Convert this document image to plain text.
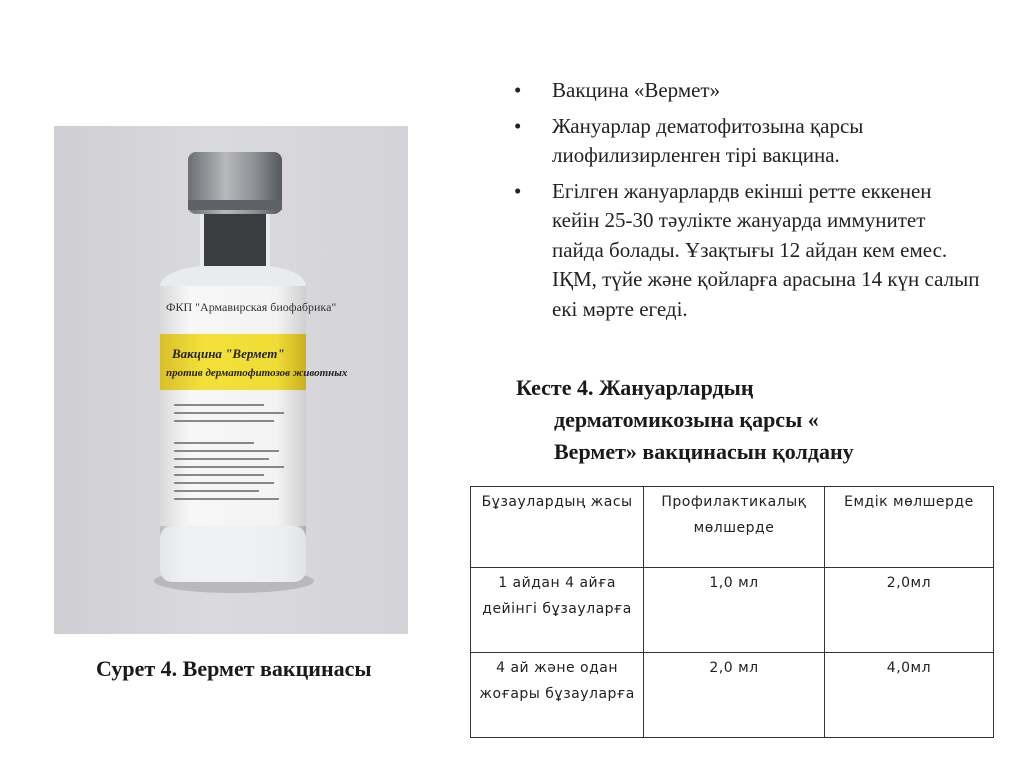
ФКП "Армавирская биофабрика"
Вакцина "Вермет"
против дерматофитозов животных
Сурет 4. Вермет вакцинасы
•	Вакцина «Вермет»
•	Жануарлар дематофитозына қарсы лиофилизирленген тірі вакцина.
•	Егілген жануарлардв екінші ретте еккенен кейін 25-30 тәулікте жануарда иммунитет пайда болады. Ұзақтығы 12 айдан кем емес. ІҚМ, түйе және қойларға арасына 14 күн салып екі мәрте егеді.
Кесте 4. Жануарлардың
дерматомикозына қарсы «
Вермет» вакцинасын қолдану
Бұзаулардың жасы	Профилактикалық мөлшерде	Емдік мөлшерде
1 айдан 4 айға дейінгі бұзауларға	1,0 мл	2,0мл
4 ай және одан жоғары бұзауларға	2,0 мл	4,0мл
